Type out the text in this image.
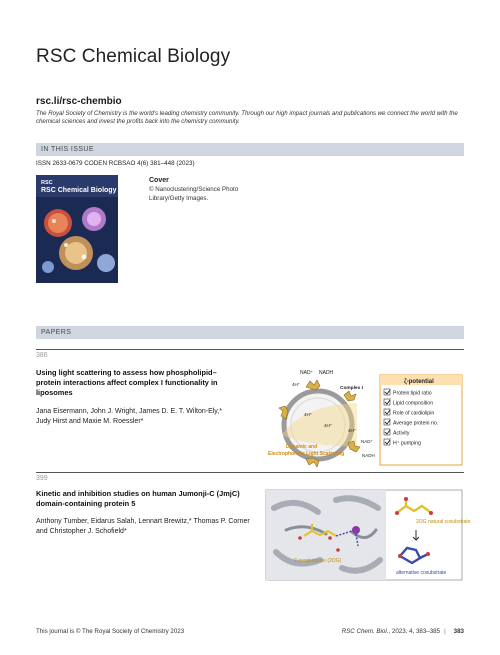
RSC Chemical Biology
rsc.li/rsc-chembio
The Royal Society of Chemistry is the world's leading chemistry community. Through our high impact journals and publications we connect the world with the chemical sciences and invest the profits back into the chemistry community.
IN THIS ISSUE
ISSN 2633-0679 CODEN RCBSAO 4(6) 381–448 (2023)
RSC
RSC Chemical Biology
Cover
© Nanoclustering/Science Photo Library/Getty Images.
PAPERS
386
Using light scattering to assess how phospholipid–protein interactions affect complex I functionality in liposomes
Jana Eisermann, John J. Wright, James D. E. T. Wilton-Ely,* Judy Hirst and Maxie M. Roessler*
NAD⁺ NADH
4H⁺
4H⁺
4H⁺
Complex I
4H⁺
NAD⁺
NADH
Dynamic and
Electrophoretic Light Scattering
ζ-potential
Protein:lipid ratio
Lipid composition
Role of cardiolipin
Average protein no.
Activity
H⁺ pumping
399
Kinetic and inhibition studies on human Jumonji-C (JmjC) domain-containing protein 5
Anthony Tumber, Eidarus Salah, Lennart Brewitz,* Thomas P. Corner and Christopher J. Schofield*
2-oxoglutarate (2OG)
2OG natural cosubstrate
alternative cosubstrate
This journal is © The Royal Society of Chemistry 2023	RSC Chem. Biol., 2023, 4, 383–385 | 383
